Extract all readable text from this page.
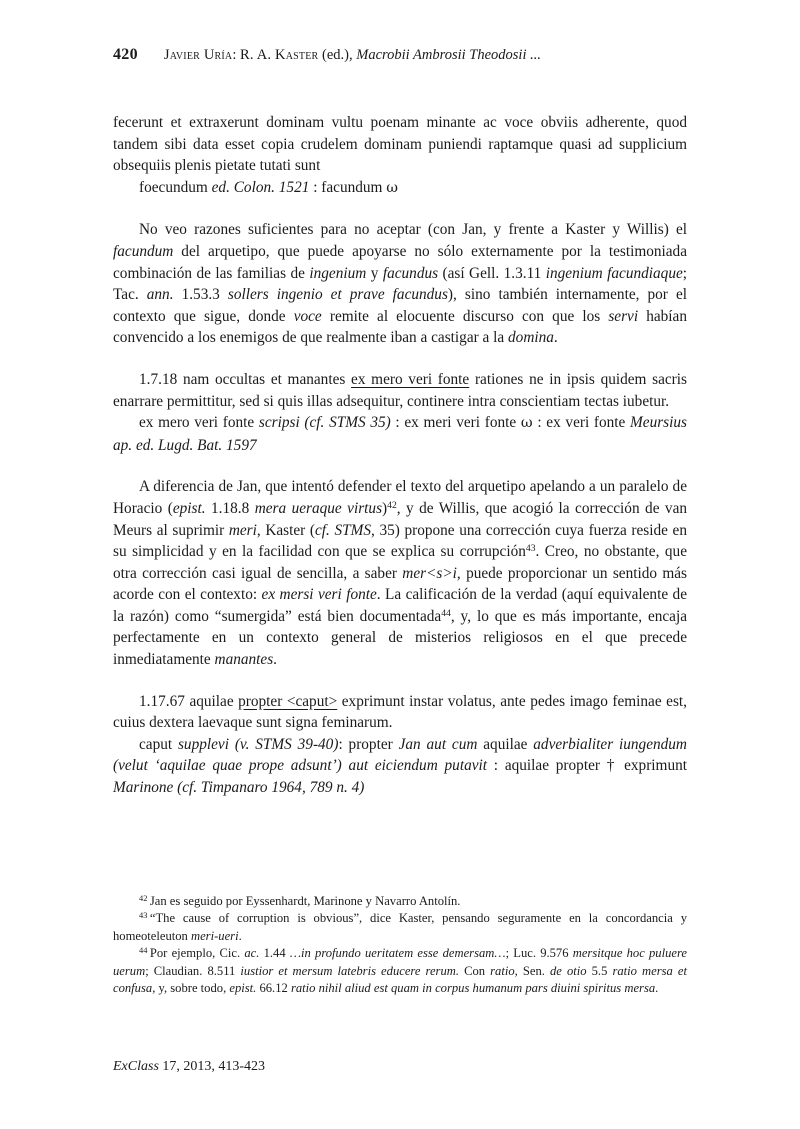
420 Javier Uría: R. A. Kaster (ed.), Macrobii Ambrosii Theodosii ...

fecerunt et extraxerunt dominam vultu poenam minante ac voce obviis adherente, quod tandem sibi data esset copia crudelem dominam puniendi raptamque quasi ad supplicium obsequiis plenis pietate tutati sunt

foecundum ed. Colon. 1521 : facundum ω

No veo razones suficientes para no aceptar (con Jan, y frente a Kaster y Willis) el facundum del arquetipo, que puede apoyarse no sólo externamente por la testimoniada combinación de las familias de ingenium y facundus (así Gell. 1.3.11 ingenium facundiaque; Tac. ann. 1.53.3 sollers ingenio et prave facundus), sino también internamente, por el contexto que sigue, donde voce remite al elocuente discurso con que los servi habían convencido a los enemigos de que realmente iban a castigar a la domina.

1.7.18 nam occultas et manantes ex mero veri fonte rationes ne in ipsis quidem sacris enarrare permittitur, sed si quis illas adsequitur, continere intra conscientiam tectas iubetur.

ex mero veri fonte scripsi (cf. STMS 35) : ex meri veri fonte ω : ex veri fonte Meursius ap. ed. Lugd. Bat. 1597

A diferencia de Jan, que intentó defender el texto del arquetipo apelando a un paralelo de Horacio (epist. 1.18.8 mera ueraque virtus)$^{42}$, y de Willis, que acogió la corrección de van Meurs al suprimir meri, Kaster (cf. STMS, 35) propone una corrección cuya fuerza reside en su simplicidad y en la facilidad con que se explica su corrupción$^{43}$. Creo, no obstante, que otra corrección casi igual de sencilla, a saber mer<s>i, puede proporcionar un sentido más acorde con el contexto: ex mersi veri fonte. La calificación de la verdad (aquí equivalente de la razón) como “sumergida” está bien documentada$^{44}$, y, lo que es más importante, encaja perfectamente en un contexto general de misterios religiosos en el que precede inmediatamente manantes.

1.17.67 aquilae propter <caput> exprimunt instar volatus, ante pedes imago feminae est, cuius dextera laevaque sunt signa feminarum.

caput supplevi (v. STMS 39-40): propter Jan aut cum aquilae adverbialiter iungendum (velut ‘aquilae quae prope adsunt’) aut eiciendum putavit : aquilae propter † exprimunt Marinone (cf. Timpanaro 1964, 789 n. 4)

$^{42}$ Jan es seguido por Eyssenhardt, Marinone y Navarro Antolín.

$^{43}$ “The cause of corruption is obvious”, dice Kaster, pensando seguramente en la concordancia y homeoteleuton meri-ueri.

$^{44}$ Por ejemplo, Cic. ac. 1.44 …in profundo ueritatem esse demersam…; Luc. 9.576 mersitque hoc puluere uerum; Claudian. 8.511 iustior et mersum latebris educere rerum. Con ratio, Sen. de otio 5.5 ratio mersa et confusa, y, sobre todo, epist. 66.12 ratio nihil aliud est quam in corpus humanum pars diuini spiritus mersa.

ExClass 17, 2013, 413-423
